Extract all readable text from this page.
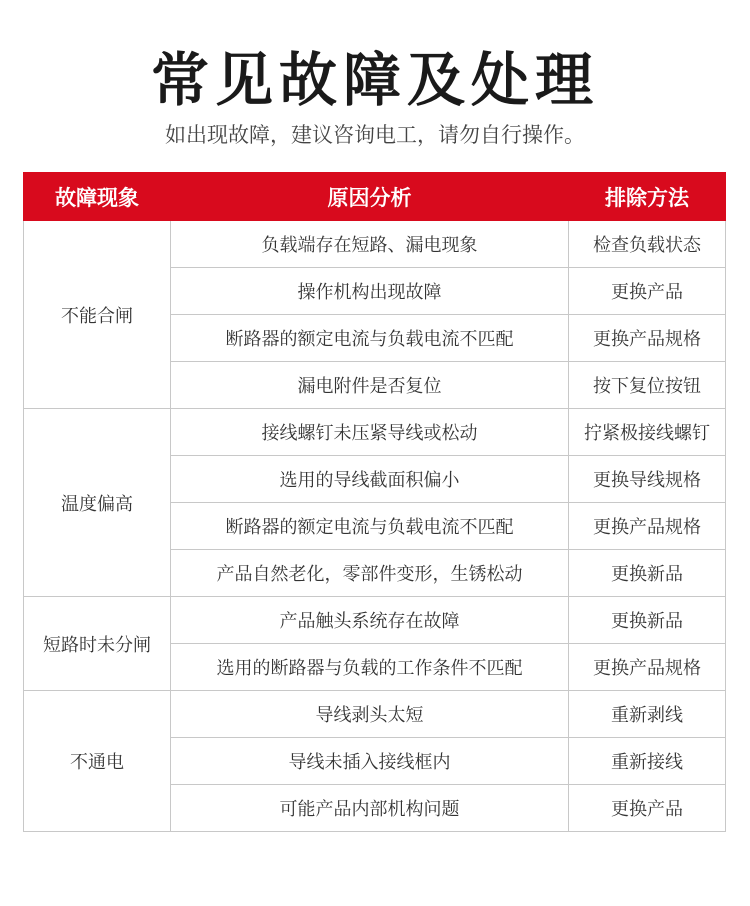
常见故障及处理
如出现故障，建议咨询电工，请勿自行操作。
故障现象	原因分析	排除方法
不能合闸	负载端存在短路、漏电现象	检查负载状态
	操作机构出现故障	更换产品
	断路器的额定电流与负载电流不匹配	更换产品规格
	漏电附件是否复位	按下复位按钮
温度偏高	接线螺钉未压紧导线或松动	拧紧极接线螺钉
	选用的导线截面积偏小	更换导线规格
	断路器的额定电流与负载电流不匹配	更换产品规格
	产品自然老化，零部件变形，生锈松动	更换新品
短路时未分闸	产品触头系统存在故障	更换新品
	选用的断路器与负载的工作条件不匹配	更换产品规格
不通电	导线剥头太短	重新剥线
	导线未插入接线框内	重新接线
	可能产品内部机构问题	更换产品
